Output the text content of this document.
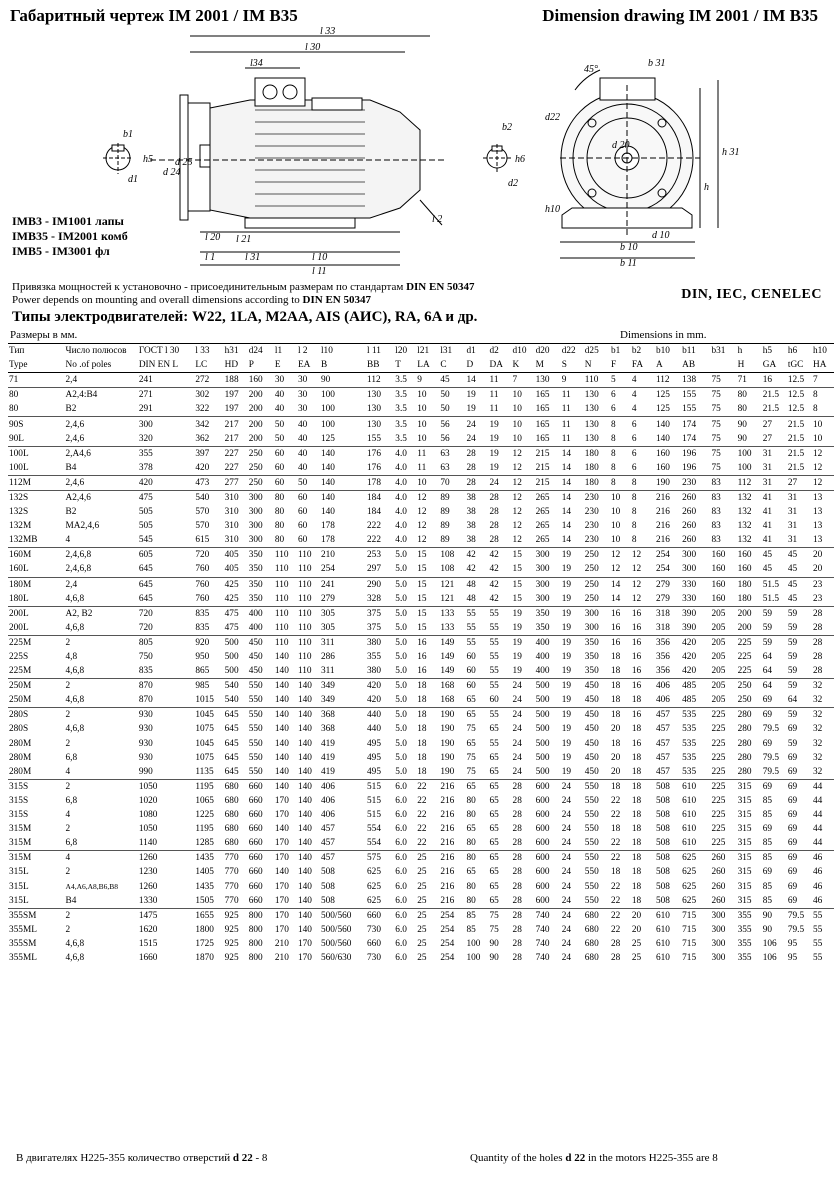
Габаритный чертеж IM 2001 / IM B35	Dimension drawing IM 2001 / IM B35
b1
h5
d1
l 33
l 30
l34
d 24
d 25
l 2
l 20 l 21
l 1	l 31	l 10
l 11
b2
h6
d2
45°
b 31
d22
d 20
h 31
h
h10
d 10
b 10
b 11
IMB3 - IM1001 лапы
IMB35 - IM2001 комб
IMB5 - IM3001 фл
Привязка мощностей к установочно - присоединительным размерам по стандартам DIN EN 50347
Power depends on mounting and overall dimensions according to DIN EN 50347	DIN, IEC, CENELEC
Типы электродвигателей: W22, 1LA, M2AA, AIS (АИС), RA, 6A и др.
Размеры в мм.	Dimensions in mm.
Тип	Число полюсов	ГОСТ l 30	l 33	h31	d24	l1	l 2	l10	l 11	l20	l21	l31	d1	d2	d10	d20	d22	d25	b1	b2	b10	b11	b31	h	h5	h6	h10
Type	No .of poles	DIN EN L	LC	HD	P	E	EA	B	BB	T	LA	C	D	DA	K	M	S	N	F	FA	A	AB		H	GA	tGC	HA
71	2,4	241	272	188	160	30	30	90	112	3.5	9	45	14	11	7	130	9	110	5	4	112	138	75	71	16	12.5	7
80	A2,4:B4	271	302	197	200	40	30	100	130	3.5	10	50	19	11	10	165	11	130	6	4	125	155	75	80	21.5	12.5	8
80	B2	291	322	197	200	40	30	100	130	3.5	10	50	19	11	10	165	11	130	6	4	125	155	75	80	21.5	12.5	8
90S	2,4,6	300	342	217	200	50	40	100	130	3.5	10	56	24	19	10	165	11	130	8	6	140	174	75	90	27	21.5	10
90L	2,4,6	320	362	217	200	50	40	125	155	3.5	10	56	24	19	10	165	11	130	8	6	140	174	75	90	27	21.5	10
100L	2,A4,6	355	397	227	250	60	40	140	176	4.0	11	63	28	19	12	215	14	180	8	6	160	196	75	100	31	21.5	12
100L	B4	378	420	227	250	60	40	140	176	4.0	11	63	28	19	12	215	14	180	8	6	160	196	75	100	31	21.5	12
112M	2,4,6	420	473	277	250	60	50	140	178	4.0	10	70	28	24	12	215	14	180	8	8	190	230	83	112	31	27	12
132S	A2,4,6	475	540	310	300	80	60	140	184	4.0	12	89	38	28	12	265	14	230	10	8	216	260	83	132	41	31	13
132S	B2	505	570	310	300	80	60	140	184	4.0	12	89	38	28	12	265	14	230	10	8	216	260	83	132	41	31	13
132M	MA2,4,6	505	570	310	300	80	60	178	222	4.0	12	89	38	28	12	265	14	230	10	8	216	260	83	132	41	31	13
132MB	4	545	615	310	300	80	60	178	222	4.0	12	89	38	28	12	265	14	230	10	8	216	260	83	132	41	31	13
160M	2,4,6,8	605	720	405	350	110	110	210	253	5.0	15	108	42	42	15	300	19	250	12	12	254	300	160	160	45	45	20
160L	2,4,6,8	645	760	405	350	110	110	254	297	5.0	15	108	42	42	15	300	19	250	12	12	254	300	160	160	45	45	20
180M	2,4	645	760	425	350	110	110	241	290	5.0	15	121	48	42	15	300	19	250	14	12	279	330	160	180	51.5	45	23
180L	4,6,8	645	760	425	350	110	110	279	328	5.0	15	121	48	42	15	300	19	250	14	12	279	330	160	180	51.5	45	23
200L	A2, B2	720	835	475	400	110	110	305	375	5.0	15	133	55	55	19	350	19	300	16	16	318	390	205	200	59	59	28
200L	4,6,8	720	835	475	400	110	110	305	375	5.0	15	133	55	55	19	350	19	300	16	16	318	390	205	200	59	59	28
225M	2	805	920	500	450	110	110	311	380	5.0	16	149	55	55	19	400	19	350	16	16	356	420	205	225	59	59	28
225S	4,8	750	950	500	450	140	110	286	355	5.0	16	149	60	55	19	400	19	350	18	16	356	420	205	225	64	59	28
225M	4,6,8	835	865	500	450	140	110	311	380	5.0	16	149	60	55	19	400	19	350	18	16	356	420	205	225	64	59	28
250M	2	870	985	540	550	140	140	349	420	5.0	18	168	60	55	24	500	19	450	18	16	406	485	205	250	64	59	32
250M	4,6,8	870	1015	540	550	140	140	349	420	5.0	18	168	65	60	24	500	19	450	18	18	406	485	205	250	69	64	32
280S	2	930	1045	645	550	140	140	368	440	5.0	18	190	65	55	24	500	19	450	18	16	457	535	225	280	69	59	32
280S	4,6,8	930	1075	645	550	140	140	368	440	5.0	18	190	75	65	24	500	19	450	20	18	457	535	225	280	79.5	69	32
280M	2	930	1045	645	550	140	140	419	495	5.0	18	190	65	55	24	500	19	450	18	16	457	535	225	280	69	59	32
280M	6,8	930	1075	645	550	140	140	419	495	5.0	18	190	75	65	24	500	19	450	20	18	457	535	225	280	79.5	69	32
280M	4	990	1135	645	550	140	140	419	495	5.0	18	190	75	65	24	500	19	450	20	18	457	535	225	280	79.5	69	32
315S	2	1050	1195	680	660	140	140	406	515	6.0	22	216	65	65	28	600	24	550	18	18	508	610	225	315	69	69	44
315S	6,8	1020	1065	680	660	170	140	406	515	6.0	22	216	80	65	28	600	24	550	22	18	508	610	225	315	85	69	44
315S	4	1080	1225	680	660	170	140	406	515	6.0	22	216	80	65	28	600	24	550	22	18	508	610	225	315	85	69	44
315M	2	1050	1195	680	660	140	140	457	554	6.0	22	216	65	65	28	600	24	550	18	18	508	610	225	315	69	69	44
315M	6,8	1140	1285	680	660	170	140	457	554	6.0	22	216	80	65	28	600	24	550	22	18	508	610	225	315	85	69	44
315M	4	1260	1435	770	660	170	140	457	575	6.0	25	216	80	65	28	600	24	550	22	18	508	625	260	315	85	69	46
315L	2	1230	1405	770	660	140	140	508	625	6.0	25	216	65	65	28	600	24	550	18	18	508	625	260	315	69	69	46
315L	A4,A6,A8,B6,B8	1260	1435	770	660	170	140	508	625	6.0	25	216	80	65	28	600	24	550	22	18	508	625	260	315	85	69	46
315L	B4	1330	1505	770	660	170	140	508	625	6.0	25	216	80	65	28	600	24	550	22	18	508	625	260	315	85	69	46
355SM	2	1475	1655	925	800	170	140	500/560	660	6.0	25	254	85	75	28	740	24	680	22	20	610	715	300	355	90	79.5	55
355ML	2	1620	1800	925	800	170	140	500/560	730	6.0	25	254	85	75	28	740	24	680	22	20	610	715	300	355	90	79.5	55
355SM	4,6,8	1515	1725	925	800	210	170	500/560	660	6.0	25	254	100	90	28	740	24	680	28	25	610	715	300	355	106	95	55
355ML	4,6,8	1660	1870	925	800	210	170	560/630	730	6.0	25	254	100	90	28	740	24	680	28	25	610	715	300	355	106	95	55
В двигателях Н225-355 количество отверстий d 22 - 8	Quantity of the holes d 22 in the motors H225-355 are 8
